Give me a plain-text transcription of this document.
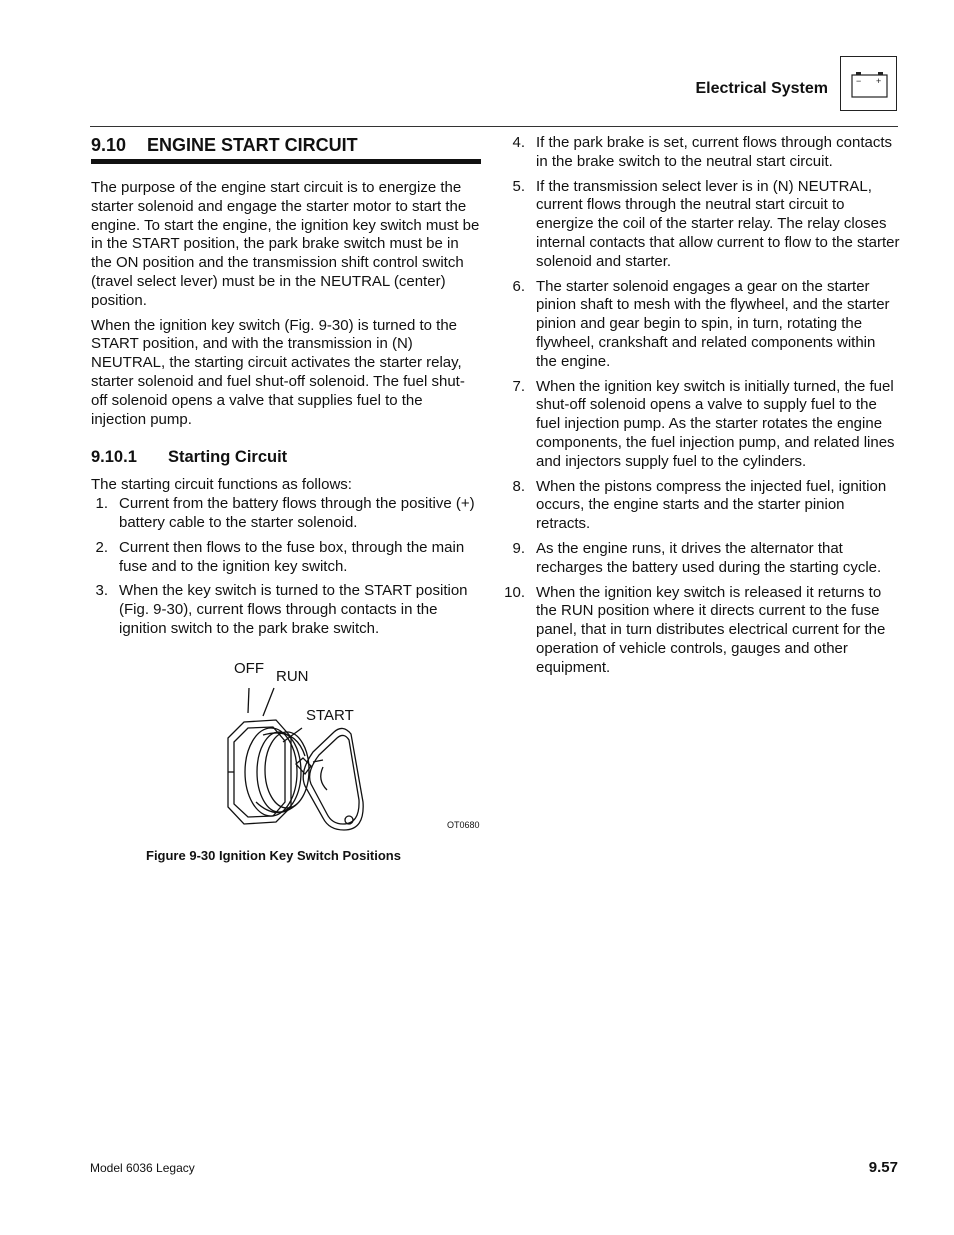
Electrical System	− +
9.10 ENGINE START CIRCUIT

The purpose of the engine start circuit is to energize the starter solenoid and engage the starter motor to start the engine. To start the engine, the ignition key switch must be in the START position, the park brake switch must be in the ON position and the transmission shift control switch (travel select lever) must be in the NEUTRAL (center) position.

When the ignition key switch (Fig. 9-30) is turned to the START position, and with the transmission in (N) NEUTRAL, the starting circuit activates the starter relay, starter solenoid and fuel shut-off solenoid. The fuel shut-off solenoid opens a valve that supplies fuel to the injection pump.

9.10.1 Starting Circuit

The starting circuit functions as follows:

1. Current from the battery flows through the positive (+) battery cable to the starter solenoid.
2. Current then flows to the fuse box, through the main fuse and to the ignition key switch.
3. When the key switch is turned to the START position (Fig. 9-30), current flows through contacts in the ignition switch to the park brake switch.
OFF RUN
START
OT0680
Figure 9-30 Ignition Key Switch Positions
4. If the park brake is set, current flows through contacts in the brake switch to the neutral start circuit.
5. If the transmission select lever is in (N) NEUTRAL, current flows through the neutral start circuit to energize the coil of the starter relay. The relay closes internal contacts that allow current to flow to the starter solenoid and starter.
6. The starter solenoid engages a gear on the starter pinion shaft to mesh with the flywheel, and the starter pinion and gear begin to spin, in turn, rotating the flywheel, crankshaft and related components within the engine.
7. When the ignition key switch is initially turned, the fuel shut-off solenoid opens a valve to supply fuel to the fuel injection pump. As the starter rotates the engine components, the fuel injection pump, and related lines and injectors supply fuel to the cylinders.
8. When the pistons compress the injected fuel, ignition occurs, the engine starts and the starter pinion retracts.
9. As the engine runs, it drives the alternator that recharges the battery used during the starting cycle.
10. When the ignition key switch is released it returns to the RUN position where it directs current to the fuse panel, that in turn distributes electrical current for the operation of vehicle controls, gauges and other equipment.
Model 6036 Legacy	9.57
